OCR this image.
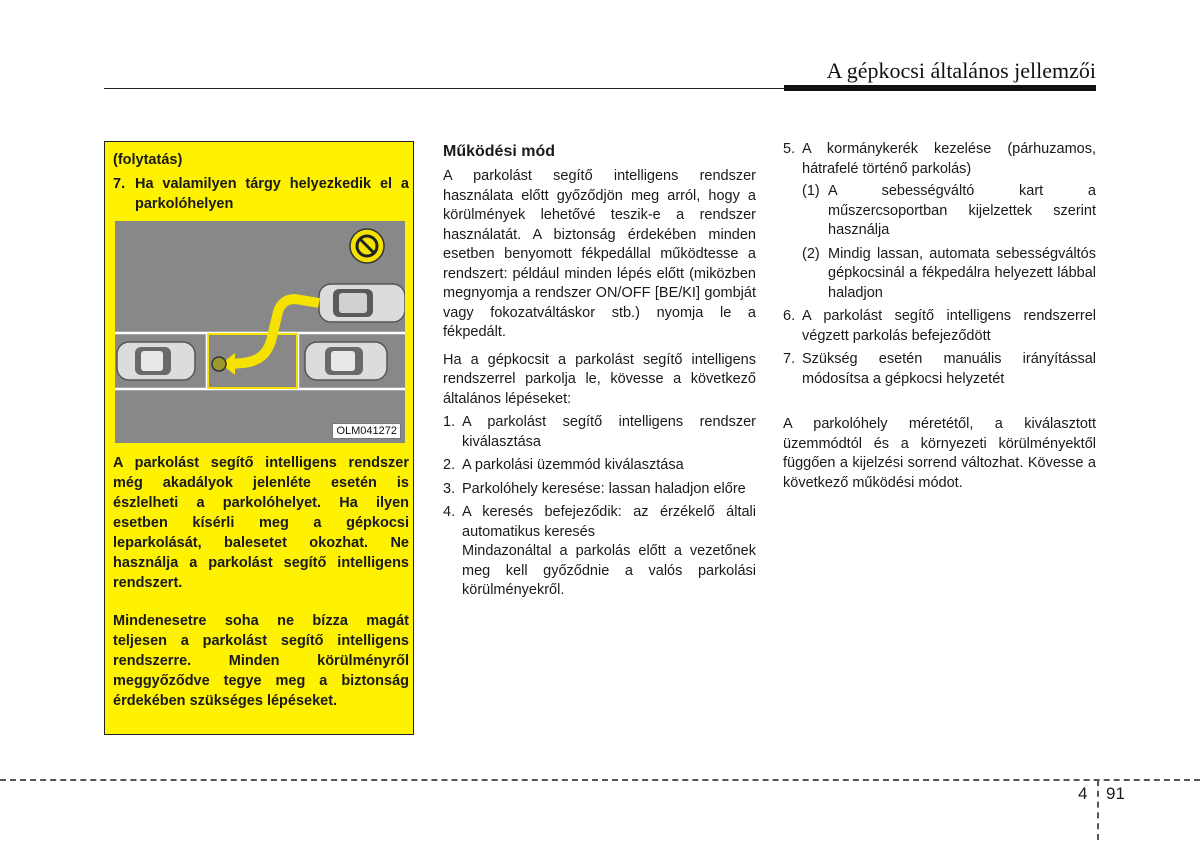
A gépkocsi általános jellemzői
(folytatás)
7. Ha valamilyen tárgy helyezkedik el a parkolóhelyen
OLM041272
A parkolást segítő intelligens rendszer még akadályok jelenléte esetén is észlelheti a parkolóhelyet. Ha ilyen esetben kísérli meg a gépkocsi leparkolását, balesetet okozhat. Ne használja a parkolást segítő intelligens rendszert.
Mindenesetre soha ne bízza magát teljesen a parkolást segítő intelligens rendszerre. Minden körülményről meggyőződve tegye meg a biztonság érdekében szükséges lépéseket.
Működési mód

A parkolást segítő intelligens rendszer használata előtt győződjön meg arról, hogy a körülmények lehetővé teszik-e a rendszer használatát. A biztonság érdekében minden esetben benyomott fékpedállal működtesse a rendszert: például minden lépés előtt (miközben megnyomja a rendszer ON/OFF [BE/KI] gombját vagy fokozatváltáskor stb.) nyomja le a fékpedált.

Ha a gépkocsit a parkolást segítő intelligens rendszerrel parkolja le, kövesse a következő általános lépéseket:

1. A parkolást segítő intelligens rendszer kiválasztása
2. A parkolási üzemmód kiválasztása
3. Parkolóhely keresése: lassan haladjon előre
4. A keresés befejeződik: az érzékelő általi automatikus keresés

Mindazonáltal a parkolás előtt a vezetőnek meg kell győződnie a valós parkolási körülményekről.

5. A kormánykerék kezelése (párhuzamos, hátrafelé történő parkolás)
(1) A sebességváltó kart a műszercsoportban kijelzettek szerint használja
(2) Mindig lassan, automata sebességváltós gépkocsinál a fékpedálra helyezett lábbal haladjon
6. A parkolást segítő intelligens rendszerrel végzett parkolás befejeződött
7. Szükség esetén manuális irányítással módosítsa a gépkocsi helyzetét

A parkolóhely méretétől, a kiválasztott üzemmódtól és a környezeti körülményektől függően a kijelzési sorrend változhat. Kövesse a következő működési módot.

4 91
